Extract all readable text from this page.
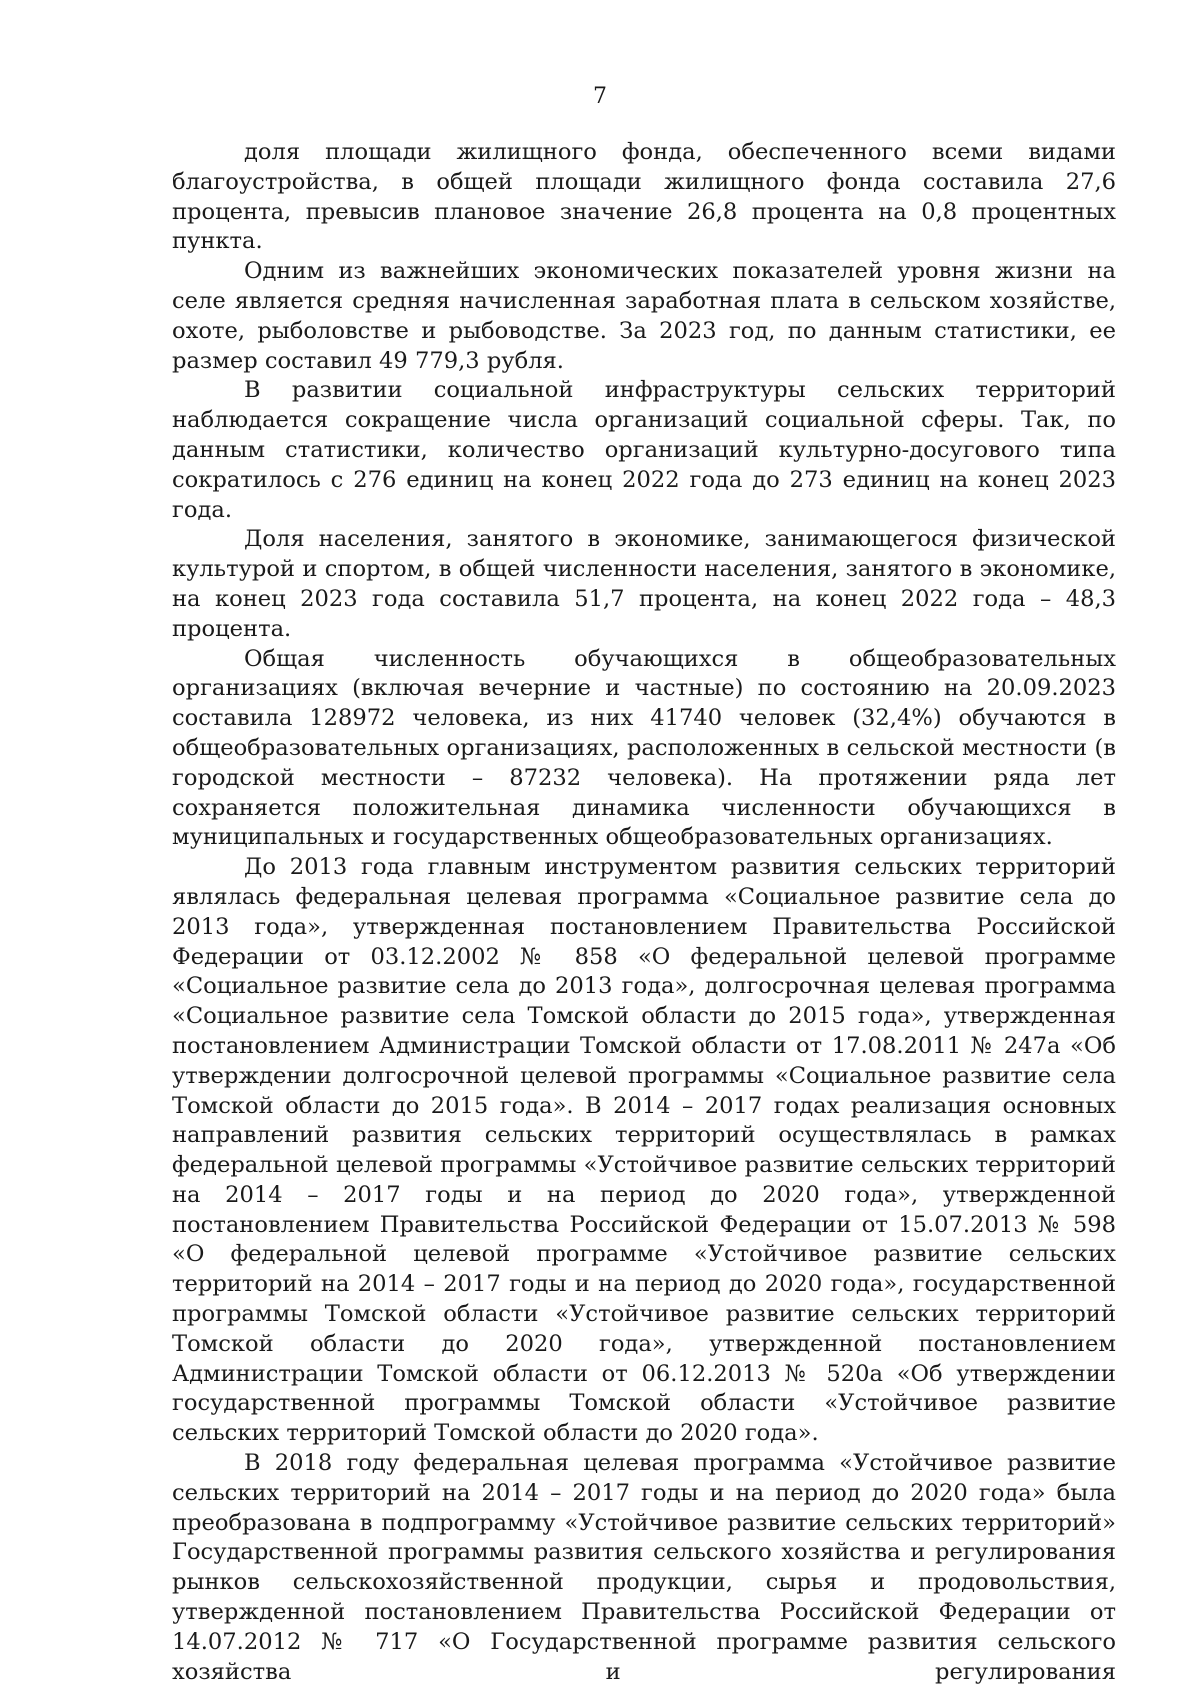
7

доля площади жилищного фонда, обеспеченного всеми видами благоустройства, в общей площади жилищного фонда составила 27,6 процента, превысив плановое значение 26,8 процента на 0,8 процентных пункта.

Одним из важнейших экономических показателей уровня жизни на селе является средняя начисленная заработная плата в сельском хозяйстве, охоте, рыболовстве и рыбоводстве. За 2023 год, по данным статистики, ее размер составил 49 779,3 рубля.

В развитии социальной инфраструктуры сельских территорий наблюдается сокращение числа организаций социальной сферы. Так, по данным статистики, количество организаций культурно-досугового типа сократилось с 276 единиц на конец 2022 года до 273 единиц на конец 2023 года.

Доля населения, занятого в экономике, занимающегося физической культурой и спортом, в общей численности населения, занятого в экономике, на конец 2023 года составила 51,7 процента, на конец 2022 года – 48,3 процента.

Общая численность обучающихся в общеобразовательных организациях (включая вечерние и частные) по состоянию на 20.09.2023 составила 128972 человека, из них 41740 человек (32,4%) обучаются в общеобразовательных организациях, расположенных в сельской местности (в городской местности – 87232 человека). На протяжении ряда лет сохраняется положительная динамика численности обучающихся в муниципальных и государственных общеобразовательных организациях.

До 2013 года главным инструментом развития сельских территорий являлась федеральная целевая программа «Социальное развитие села до 2013 года», утвержденная постановлением Правительства Российской Федерации от 03.12.2002 № 858 «О федеральной целевой программе «Социальное развитие села до 2013 года», долгосрочная целевая программа «Социальное развитие села Томской области до 2015 года», утвержденная постановлением Администрации Томской области от 17.08.2011 № 247а «Об утверждении долгосрочной целевой программы «Социальное развитие села Томской области до 2015 года». В 2014 – 2017 годах реализация основных направлений развития сельских территорий осуществлялась в рамках федеральной целевой программы «Устойчивое развитие сельских территорий на 2014 – 2017 годы и на период до 2020 года», утвержденной постановлением Правительства Российской Федерации от 15.07.2013 № 598 «О федеральной целевой программе «Устойчивое развитие сельских территорий на 2014 – 2017 годы и на период до 2020 года», государственной программы Томской области «Устойчивое развитие сельских территорий Томской области до 2020 года», утвержденной постановлением Администрации Томской области от 06.12.2013 № 520а «Об утверждении государственной программы Томской области «Устойчивое развитие сельских территорий Томской области до 2020 года».

В 2018 году федеральная целевая программа «Устойчивое развитие сельских территорий на 2014 – 2017 годы и на период до 2020 года» была преобразована в подпрограмму «Устойчивое развитие сельских территорий» Государственной программы развития сельского хозяйства и регулирования рынков сельскохозяйственной продукции, сырья и продовольствия, утвержденной постановлением Правительства Российской Федерации от 14.07.2012 № 717 «О Государственной программе развития сельского хозяйства и регулирования
